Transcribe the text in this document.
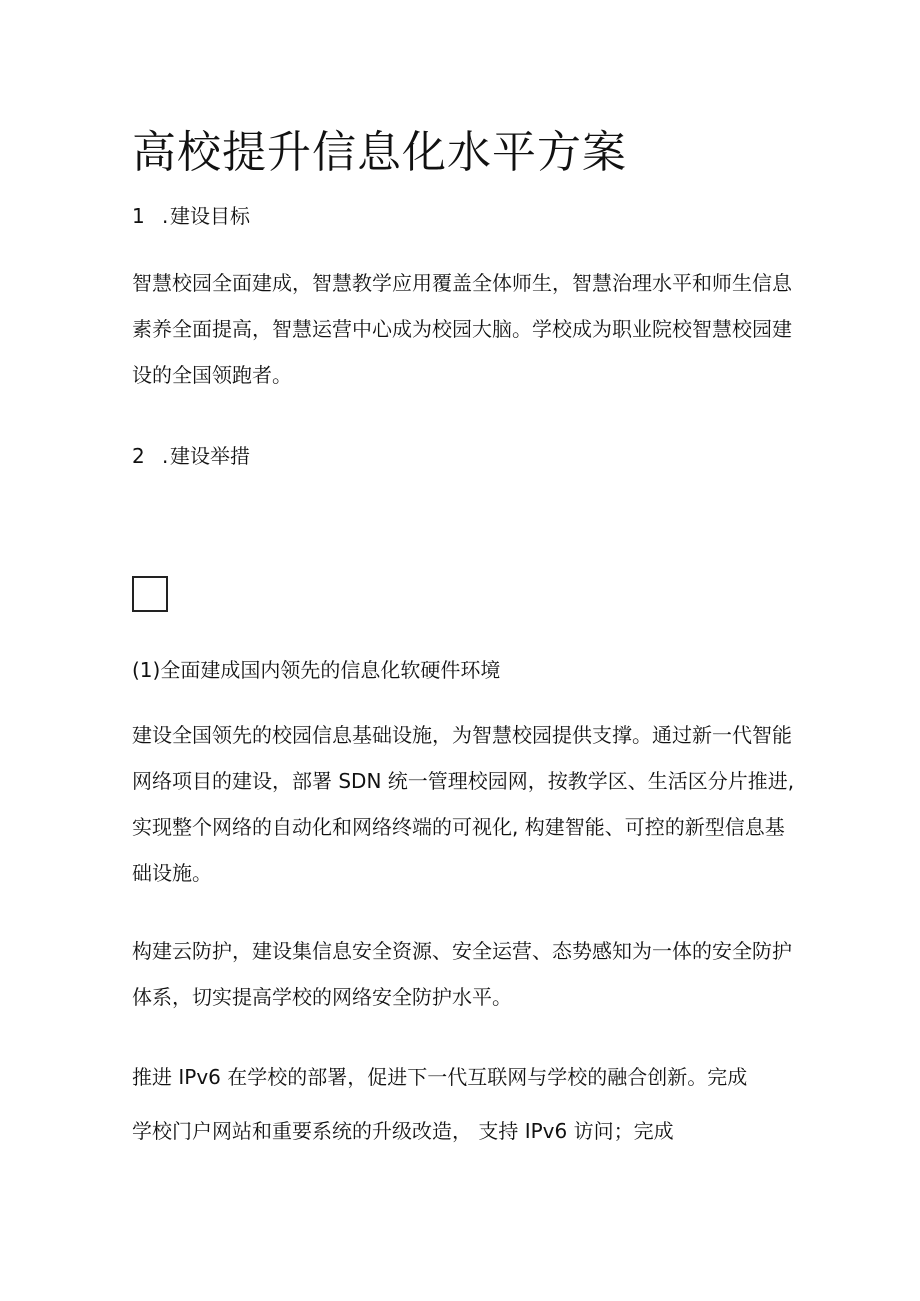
高校提升信息化水平方案

1 .建设目标

智慧校园全面建成，智慧教学应用覆盖全体师生，智慧治理水平和师生信息
素养全面提高，智慧运营中心成为校园大脑。学校成为职业院校智慧校园建
设的全国领跑者。

2 .建设举措

(1)全面建成国内领先的信息化软硬件环境

建设全国领先的校园信息基础设施，为智慧校园提供支撑。通过新一代智能
网络项目的建设，部署 SDN 统一管理校园网，按教学区、生活区分片推进,
实现整个网络的自动化和网络终端的可视化, 构建智能、可控的新型信息基
础设施。

构建云防护，建设集信息安全资源、安全运营、态势感知为一体的安全防护
体系，切实提高学校的网络安全防护水平。

推进 IPv6 在学校的部署，促进下一代互联网与学校的融合创新。完成

学校门户网站和重要系统的升级改造， 支持 IPv6 访问；完成
